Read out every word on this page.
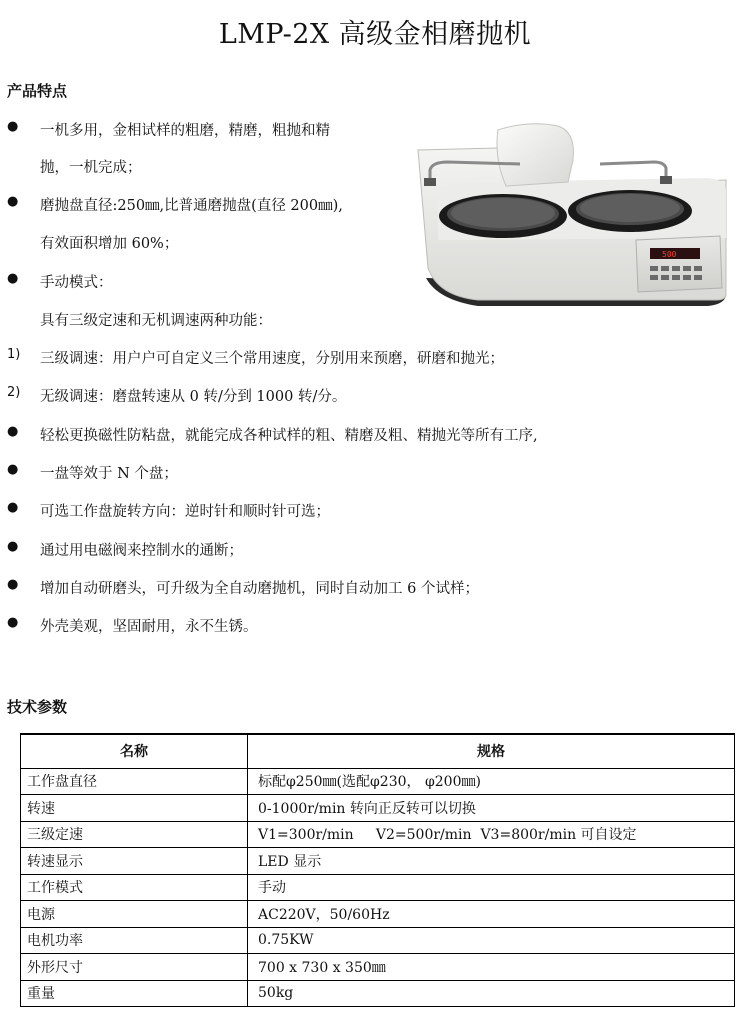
LMP-2X 高级金相磨抛机
产品特点
● 一机多用，金相试样的粗磨，精磨，粗抛和精
抛，一机完成；
● 磨抛盘直径:250㎜,比普通磨抛盘(直径 200㎜),
有效面积增加 60%；
● 手动模式：
具有三级定速和无机调速两种功能：
1) 三级调速：用户户可自定义三个常用速度，分别用来预磨，研磨和抛光；
2) 无级调速：磨盘转速从 0 转/分到 1000 转/分。
● 轻松更换磁性防粘盘，就能完成各种试样的粗、精磨及粗、精抛光等所有工序,
● 一盘等效于 N 个盘；
● 可选工作盘旋转方向：逆时针和顺时针可选；
● 通过用电磁阀来控制水的通断；
● 增加自动研磨头，可升级为全自动磨抛机，同时自动加工 6 个试样；
● 外壳美观，坚固耐用，永不生锈。
500
技术参数
名称	规格
工作盘直径	标配φ250㎜(选配φ230， φ200㎜)
转速	0-1000r/min 转向正反转可以切换
三级定速	V1=300r/min     V2=500r/min  V3=800r/min 可自设定
转速显示	LED 显示
工作模式	手动
电源	AC220V，50/60Hz
电机功率	0.75KW
外形尺寸	700 x 730 x 350㎜
重量	50kg
